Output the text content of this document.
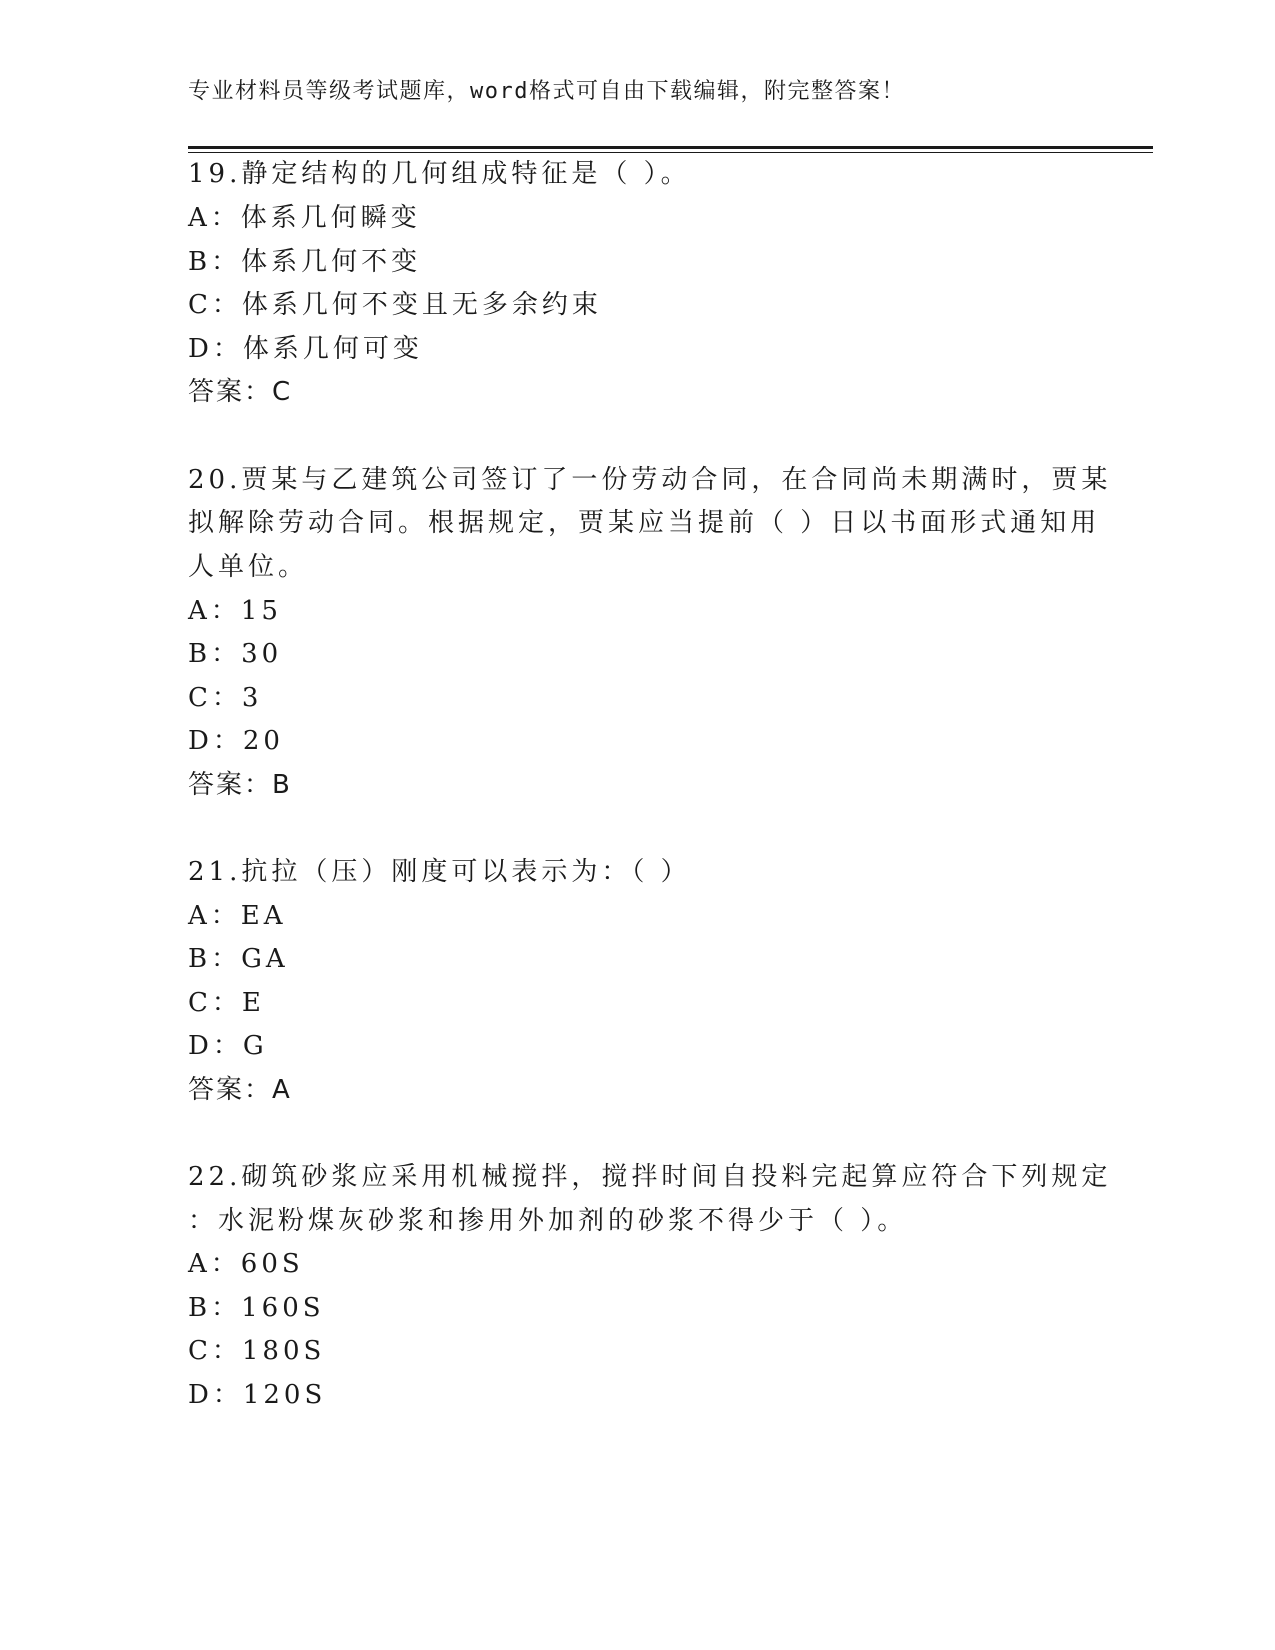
专业材料员等级考试题库，word格式可自由下载编辑，附完整答案！
19.静定结构的几何组成特征是（ ）。
A：体系几何瞬变
B：体系几何不变
C：体系几何不变且无多余约束
D：体系几何可变
答案：C
20.贾某与乙建筑公司签订了一份劳动合同，在合同尚未期满时，贾某
拟解除劳动合同。根据规定，贾某应当提前（ ）日以书面形式通知用
人单位。
A：15
B：30
C：3
D：20
答案：B
21.抗拉（压）刚度可以表示为：（ ）
A：EA
B：GA
C：E
D：G
答案：A
22.砌筑砂浆应采用机械搅拌，搅拌时间自投料完起算应符合下列规定
：水泥粉煤灰砂浆和掺用外加剂的砂浆不得少于（ ）。
A：60S
B：160S
C：180S
D：120S
